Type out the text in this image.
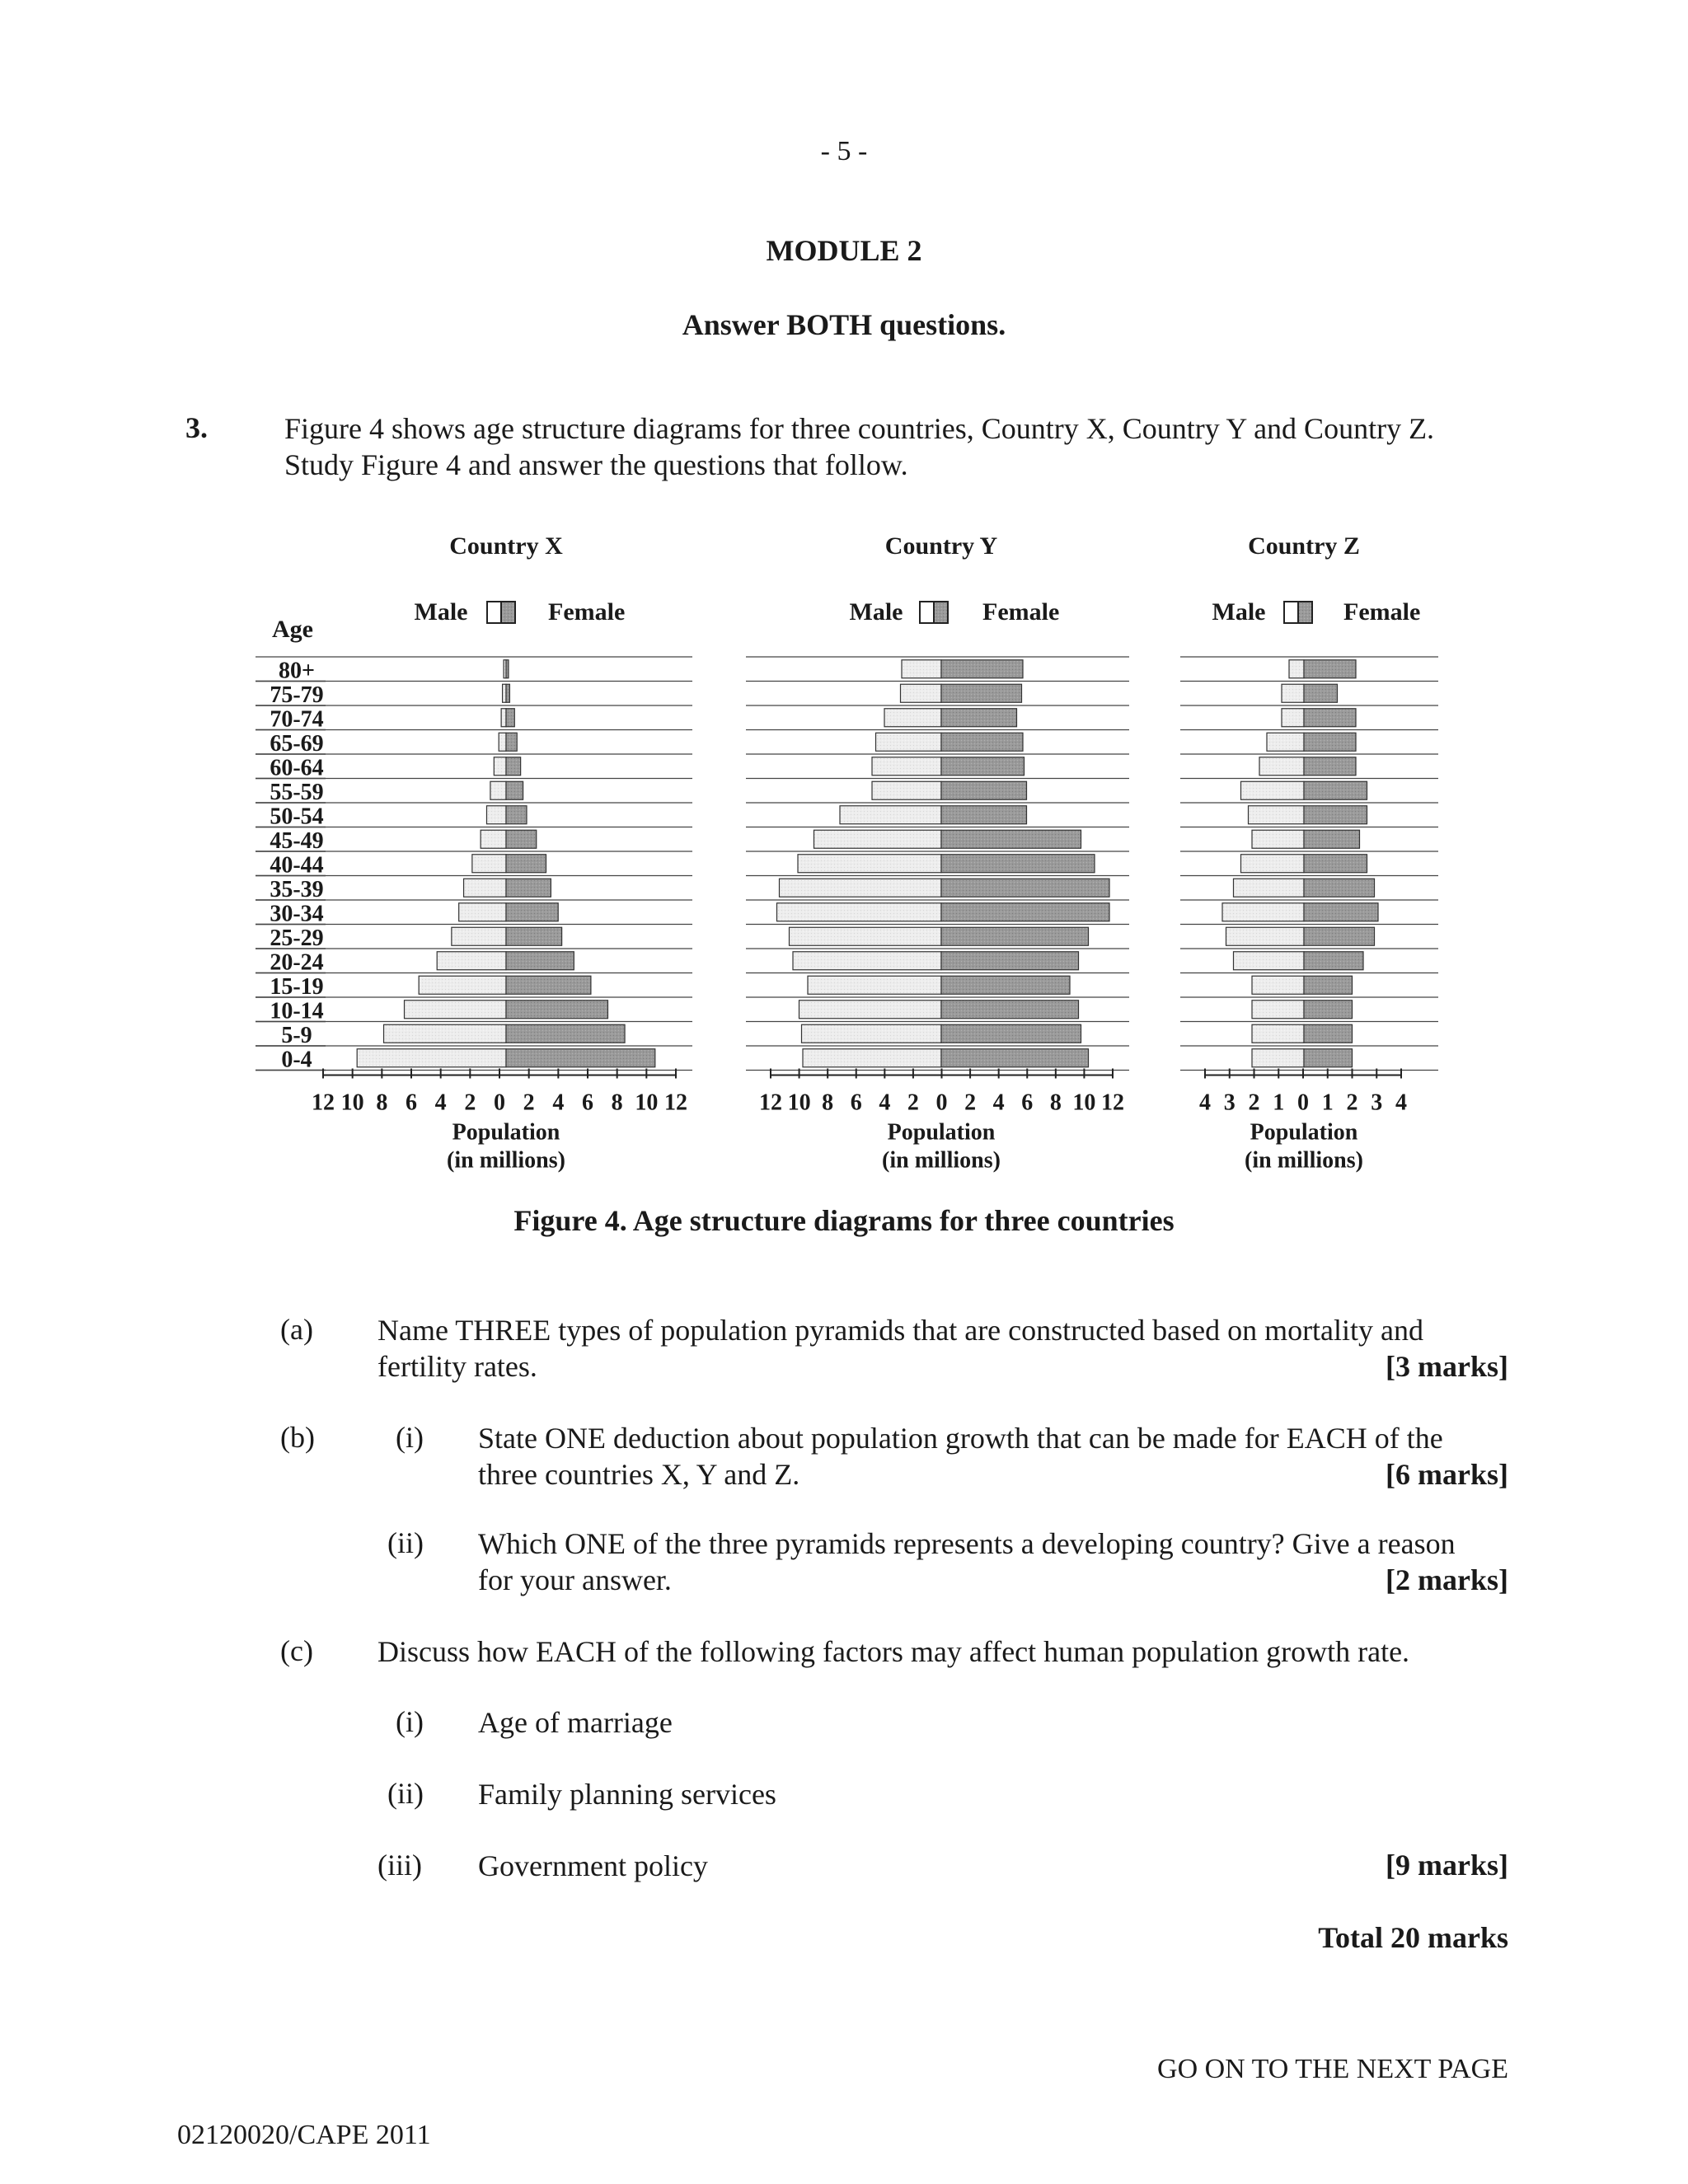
- 5 -
MODULE 2
Answer BOTH questions.
3.	Figure 4 shows age structure diagrams for three countries, Country X, Country Y and Country Z.
Study Figure 4 and answer the questions that follow.
Age
80+
75-79
70-74
65-69
60-64
55-59
50-54
45-49
40-44
35-39
30-34
25-29
20-24
15-19
10-14
5-9
0-4
Country X
Male	Female
12 10 8 6 4 2 0 2 4 6 8 10 12
Population
(in millions)
Country Y
Male	Female
12 10 8 6 4 2 0 2 4 6 8 10 12
Population
(in millions)
Country Z
Male	Female
4 3 2 1 0 1 2 3 4
Population
(in millions)
Figure 4. Age structure diagrams for three countries
(a) Name THREE types of population pyramids that are constructed based on mortality and
fertility rates.	[3 marks]
(b)	(i) State ONE deduction about population growth that can be made for EACH of the
three countries X, Y and Z.	[6 marks]
(ii) Which ONE of the three pyramids represents a developing country? Give a reason
for your answer.	[2 marks]
(c) Discuss how EACH of the following factors may affect human population growth rate.
(i) Age of marriage
(ii) Family planning services
(iii) Government policy	[9 marks]
Total 20 marks
GO ON TO THE NEXT PAGE
02120020/CAPE 2011
